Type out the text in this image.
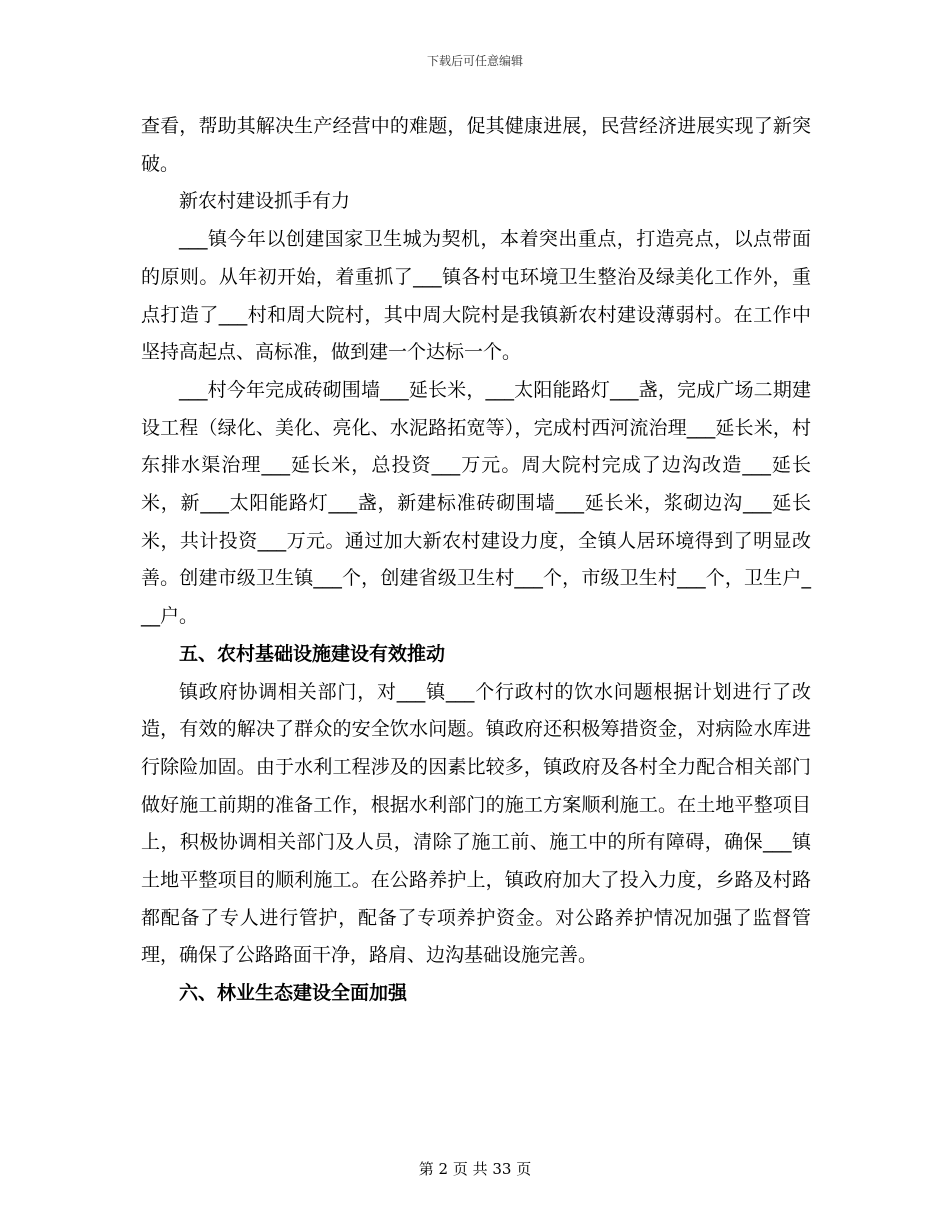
下载后可任意编辑

查看，帮助其解决生产经营中的难题，促其健康进展，民营经济进展实现了新突破。

新农村建设抓手有力

___镇今年以创建国家卫生城为契机，本着突出重点，打造亮点，以点带面的原则。从年初开始，着重抓了___镇各村屯环境卫生整治及绿美化工作外，重点打造了___村和周大院村，其中周大院村是我镇新农村建设薄弱村。在工作中坚持高起点、高标准，做到建一个达标一个。

___村今年完成砖砌围墙___延长米，___太阳能路灯___盏，完成广场二期建设工程（绿化、美化、亮化、水泥路拓宽等），完成村西河流治理___延长米，村东排水渠治理___延长米，总投资___万元。周大院村完成了边沟改造___延长米，新___太阳能路灯___盏，新建标准砖砌围墙___延长米，浆砌边沟___延长米，共计投资___万元。通过加大新农村建设力度，全镇人居环境得到了明显改善。创建市级卫生镇___个，创建省级卫生村___个，市级卫生村___个，卫生户___户。

五、农村基础设施建设有效推动

镇政府协调相关部门，对___镇___个行政村的饮水问题根据计划进行了改造，有效的解决了群众的安全饮水问题。镇政府还积极筹措资金，对病险水库进行除险加固。由于水利工程涉及的因素比较多，镇政府及各村全力配合相关部门做好施工前期的准备工作，根据水利部门的施工方案顺利施工。在土地平整项目上，积极协调相关部门及人员，清除了施工前、施工中的所有障碍，确保___镇土地平整项目的顺利施工。在公路养护上，镇政府加大了投入力度，乡路及村路都配备了专人进行管护，配备了专项养护资金。对公路养护情况加强了监督管理，确保了公路路面干净，路肩、边沟基础设施完善。

六、林业生态建设全面加强

第 2 页 共 33 页
